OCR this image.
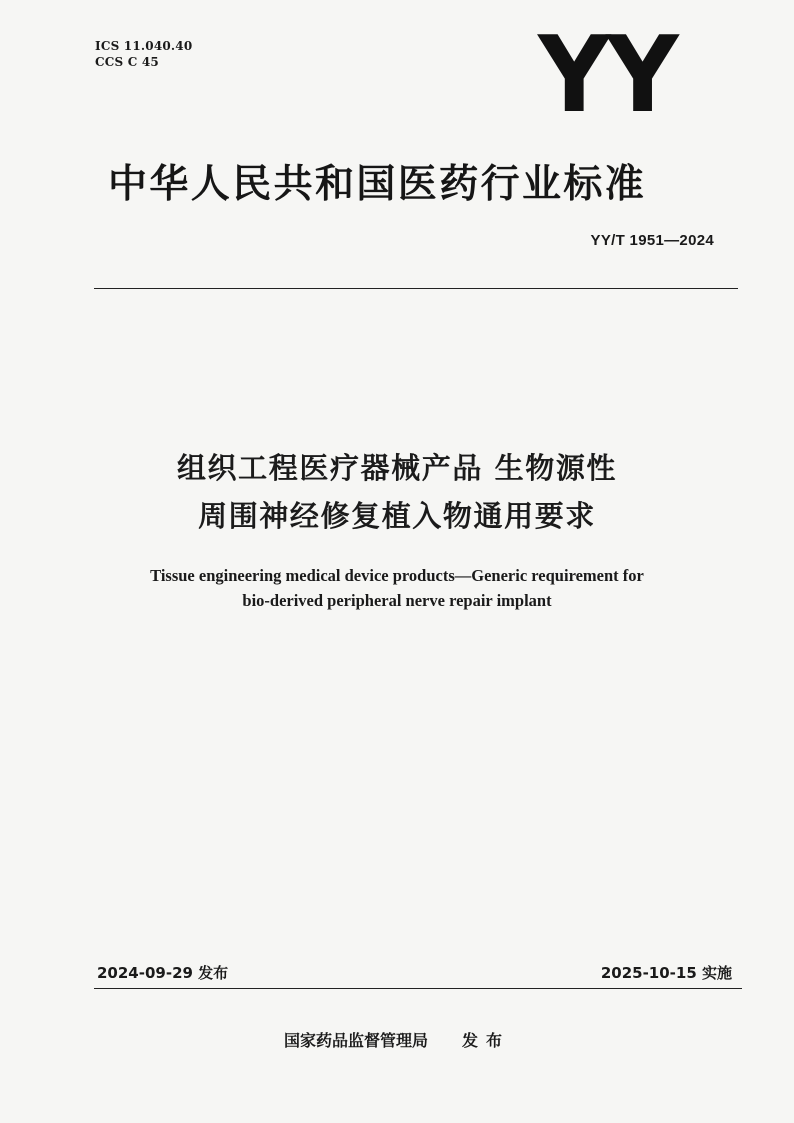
ICS 11.040.40
CCS C 45	YY
中华人民共和国医药行业标准
YY/T 1951—2024
组织工程医疗器械产品 生物源性
周围神经修复植入物通用要求
Tissue engineering medical device products—Generic requirement for
bio-derived peripheral nerve repair implant
2024-09-29 发布	2025-10-15 实施
国家药品监督管理局 发布
